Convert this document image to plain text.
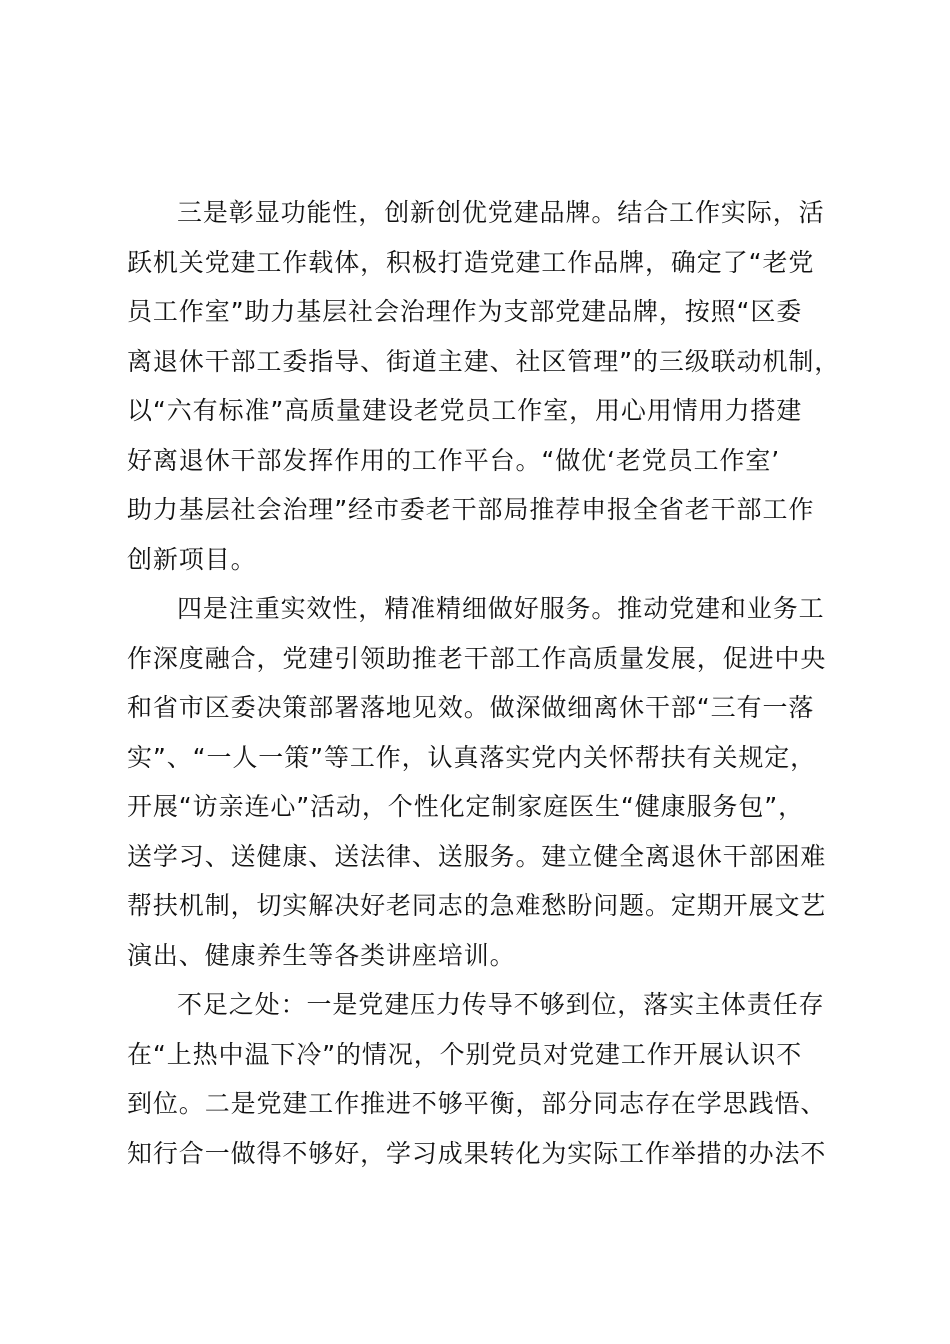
三是彰显功能性，创新创优党建品牌。结合工作实际，活
跃机关党建工作载体，积极打造党建工作品牌，确定了“老党
员工作室”助力基层社会治理作为支部党建品牌，按照“区委
离退休干部工委指导、街道主建、社区管理”的三级联动机制，
以“六有标准”高质量建设老党员工作室，用心用情用力搭建
好离退休干部发挥作用的工作平台。“做优‘老党员工作室’
助力基层社会治理”经市委老干部局推荐申报全省老干部工作
创新项目。
四是注重实效性，精准精细做好服务。推动党建和业务工
作深度融合，党建引领助推老干部工作高质量发展，促进中央
和省市区委决策部署落地见效。做深做细离休干部“三有一落
实”、“一人一策”等工作，认真落实党内关怀帮扶有关规定，
开展“访亲连心”活动，个性化定制家庭医生“健康服务包”，
送学习、送健康、送法律、送服务。建立健全离退休干部困难
帮扶机制，切实解决好老同志的急难愁盼问题。定期开展文艺
演出、健康养生等各类讲座培训。
不足之处：一是党建压力传导不够到位，落实主体责任存
在“上热中温下冷”的情况，个别党员对党建工作开展认识不
到位。二是党建工作推进不够平衡，部分同志存在学思践悟、
知行合一做得不够好，学习成果转化为实际工作举措的办法不
